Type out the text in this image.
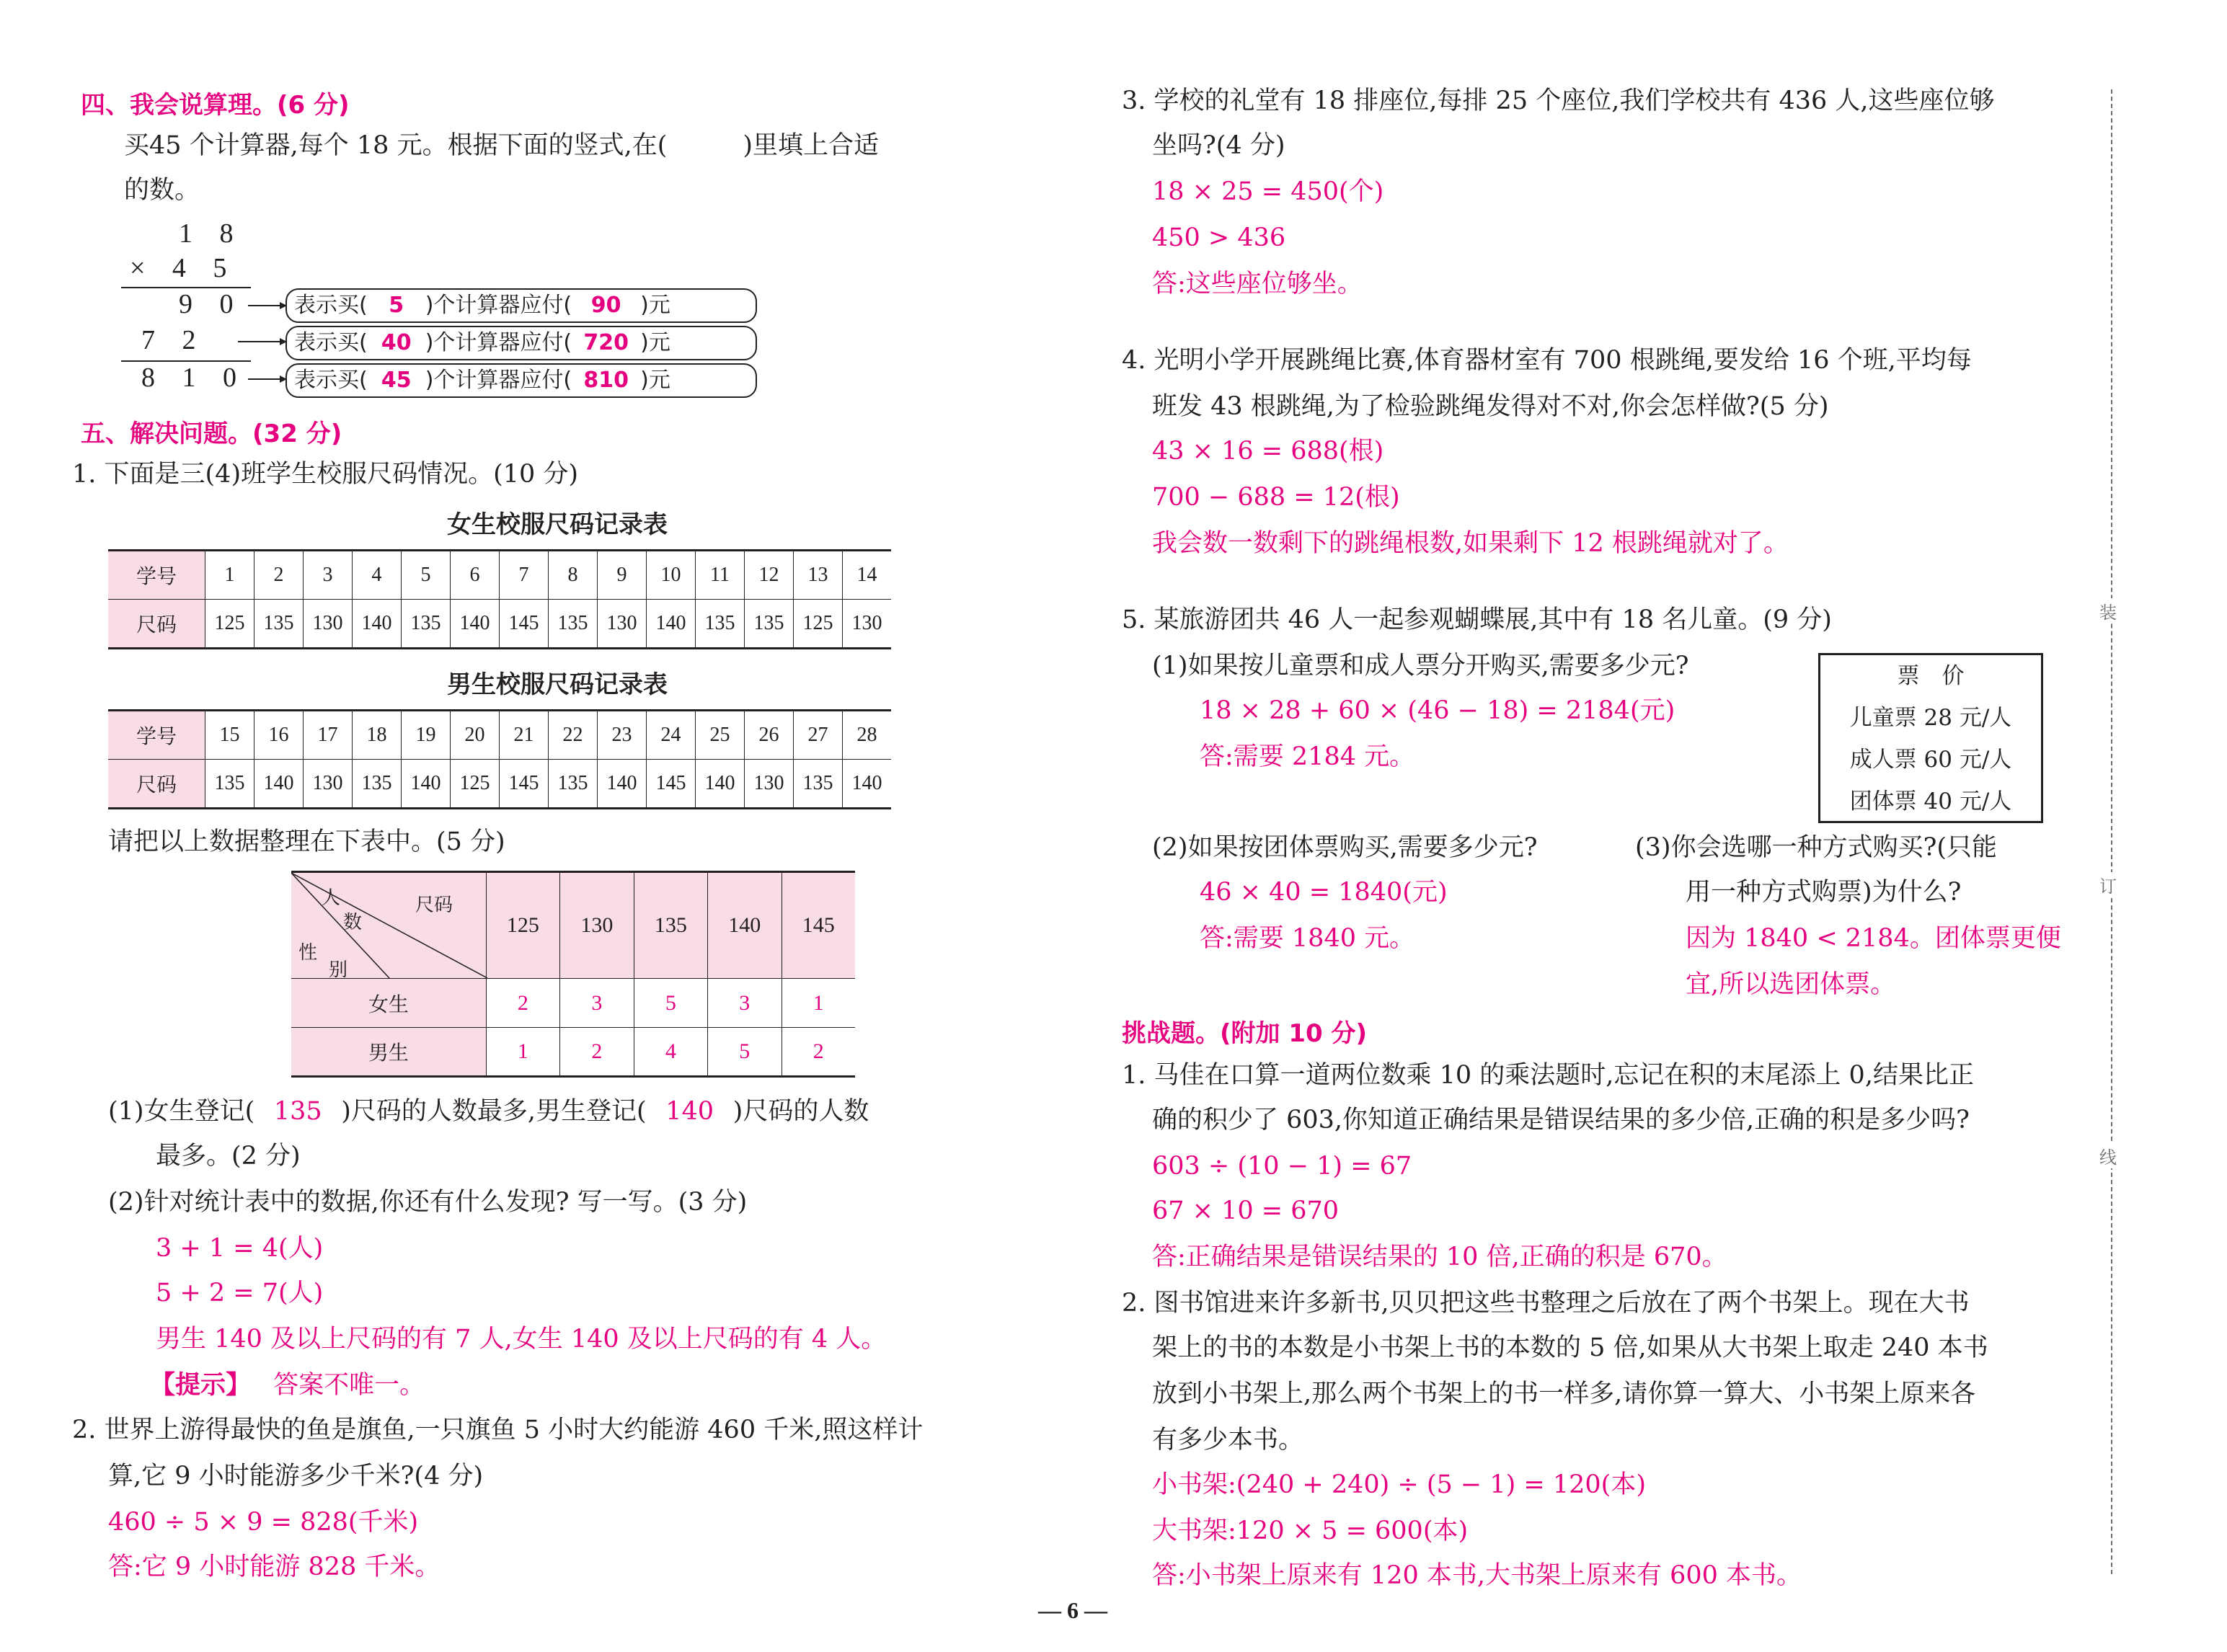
四、我会说算理。(6 分)
买45 个计算器,每个 18 元。根据下面的竖式,在(　　　)里填上合适
的数。
1 8
× 4 5
9 0
7 2
8 1 0
表示买( 5 )个计算器应付( 90 )元
表示买( 40 )个计算器应付( 720 )元
表示买( 45 )个计算器应付( 810 )元
五、解决问题。(32 分)
1. 下面是三(4)班学生校服尺码情况。(10 分)
女生校服尺码记录表
学号	1	2	3	4	5	6	7	8	9	10	11	12	13	14
尺码	125	135	130	140	135	140	145	135	130	140	135	135	125	130
男生校服尺码记录表
学号	15	16	17	18	19	20	21	22	23	24	25	26	27	28
尺码	135	140	130	135	140	125	145	135	140	145	140	130	135	140
请把以上数据整理在下表中。(5 分)
人
数
尺码
性
别	125	130	135	140	145
女生	2	3	5	3	1
男生	1	2	4	5	2
(1)女生登记( 135 )尺码的人数最多,男生登记( 140 )尺码的人数
最多。(2 分)
(2)针对统计表中的数据,你还有什么发现? 写一写。(3 分)
3 + 1 = 4(人)
5 + 2 = 7(人)
男生 140 及以上尺码的有 7 人,女生 140 及以上尺码的有 4 人。
【提示】 答案不唯一。
2. 世界上游得最快的鱼是旗鱼,一只旗鱼 5 小时大约能游 460 千米,照这样计
算,它 9 小时能游多少千米?(4 分)
460 ÷ 5 × 9 = 828(千米)
答:它 9 小时能游 828 千米。
3. 学校的礼堂有 18 排座位,每排 25 个座位,我们学校共有 436 人,这些座位够
坐吗?(4 分)
18 × 25 = 450(个)
450 > 436
答:这些座位够坐。
4. 光明小学开展跳绳比赛,体育器材室有 700 根跳绳,要发给 16 个班,平均每
班发 43 根跳绳,为了检验跳绳发得对不对,你会怎样做?(5 分)
43 × 16 = 688(根)
700 − 688 = 12(根)
我会数一数剩下的跳绳根数,如果剩下 12 根跳绳就对了。
5. 某旅游团共 46 人一起参观蝴蝶展,其中有 18 名儿童。(9 分)
(1)如果按儿童票和成人票分开购买,需要多少元?
18 × 28 + 60 × (46 − 18) = 2184(元)
答:需要 2184 元。
票　价
儿童票 28 元/人
成人票 60 元/人
团体票 40 元/人
(2)如果按团体票购买,需要多少元?
46 × 40 = 1840(元)
答:需要 1840 元。
(3)你会选哪一种方式购买?(只能
用一种方式购票)为什么?
因为 1840 < 2184。团体票更便
宜,所以选团体票。
挑战题。(附加 10 分)
1. 马佳在口算一道两位数乘 10 的乘法题时,忘记在积的末尾添上 0,结果比正
确的积少了 603,你知道正确结果是错误结果的多少倍,正确的积是多少吗?
603 ÷ (10 − 1) = 67
67 × 10 = 670
答:正确结果是错误结果的 10 倍,正确的积是 670。
2. 图书馆进来许多新书,贝贝把这些书整理之后放在了两个书架上。现在大书
架上的书的本数是小书架上书的本数的 5 倍,如果从大书架上取走 240 本书
放到小书架上,那么两个书架上的书一样多,请你算一算大、小书架上原来各
有多少本书。
小书架:(240 + 240) ÷ (5 − 1) = 120(本)
大书架:120 × 5 = 600(本)
答:小书架上原来有 120 本书,大书架上原来有 600 本书。
装
订
线
— 6 —
